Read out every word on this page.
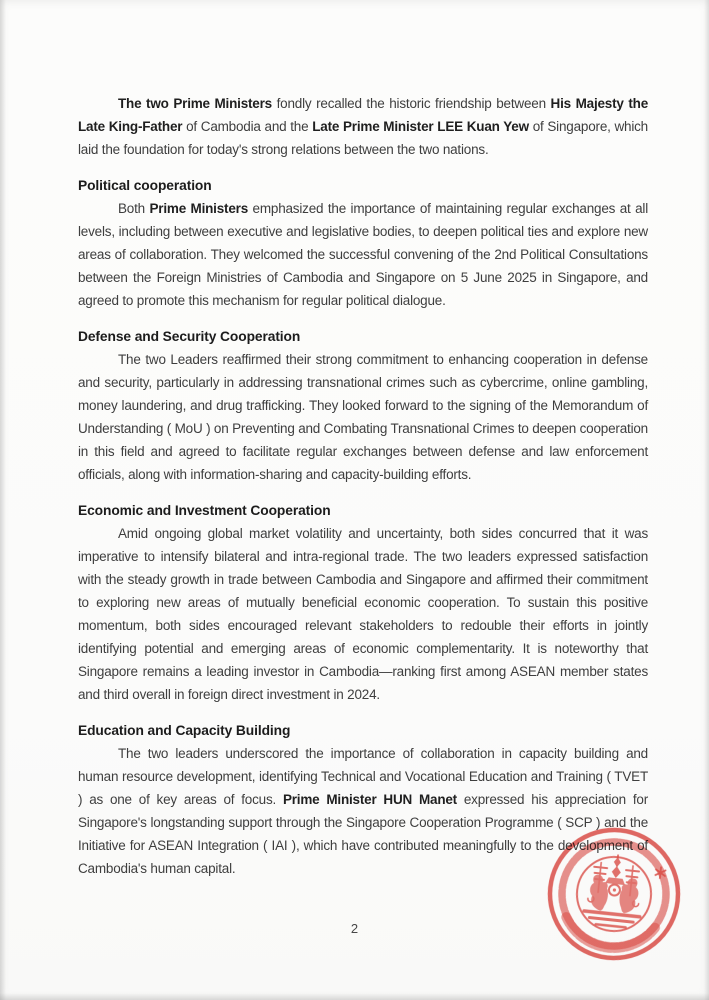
The two Prime Ministers fondly recalled the historic friendship between His Majesty the Late King-Father of Cambodia and the Late Prime Minister LEE Kuan Yew of Singapore, which laid the foundation for today's strong relations between the two nations.

Political cooperation

Both Prime Ministers emphasized the importance of maintaining regular exchanges at all levels, including between executive and legislative bodies, to deepen political ties and explore new areas of collaboration. They welcomed the successful convening of the 2nd Political Consultations between the Foreign Ministries of Cambodia and Singapore on 5 June 2025 in Singapore, and agreed to promote this mechanism for regular political dialogue.

Defense and Security Cooperation

The two Leaders reaffirmed their strong commitment to enhancing cooperation in defense and security, particularly in addressing transnational crimes such as cybercrime, online gambling, money laundering, and drug trafficking. They looked forward to the signing of the Memorandum of Understanding ( MoU ) on Preventing and Combating Transnational Crimes to deepen cooperation in this field and agreed to facilitate regular exchanges between defense and law enforcement officials, along with information-sharing and capacity-building efforts.

Economic and Investment Cooperation

Amid ongoing global market volatility and uncertainty, both sides concurred that it was imperative to intensify bilateral and intra-regional trade. The two leaders expressed satisfaction with the steady growth in trade between Cambodia and Singapore and affirmed their commitment to exploring new areas of mutually beneficial economic cooperation. To sustain this positive momentum, both sides encouraged relevant stakeholders to redouble their efforts in jointly identifying potential and emerging areas of economic complementarity. It is noteworthy that Singapore remains a leading investor in Cambodia—ranking first among ASEAN member states and third overall in foreign direct investment in 2024.

Education and Capacity Building

The two leaders underscored the importance of collaboration in capacity building and human resource development, identifying Technical and Vocational Education and Training ( TVET ) as one of key areas of focus. Prime Minister HUN Manet expressed his appreciation for Singapore's longstanding support through the Singapore Cooperation Programme ( SCP ) and the Initiative for ASEAN Integration ( IAI ), which have contributed meaningfully to the development of Cambodia's human capital.

2
